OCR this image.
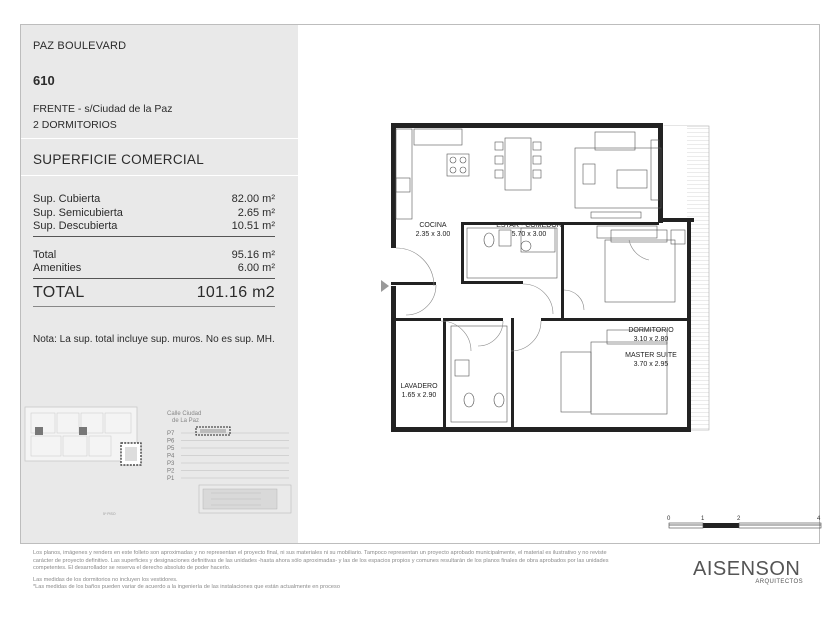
PAZ BOULEVARD
610
FRENTE - s/Ciudad de la Paz
2 DORMITORIOS
SUPERFICIE COMERCIAL
Sup. Cubierta	82.00 m²
Sup. Semicubierta	2.65 m²
Sup. Descubierta	10.51 m²
Total	95.16 m²
Amenities	6.00 m²
TOTAL	101.16 m2
Nota: La sup. total incluye sup. muros. No es sup. MH.
5º PISO
Calle Ciudad
de La Paz
P7
P6
P5
P4
P3
P2
P1
COCINA
2.35 x 3.00
ESTAR - COMEDOR
5.70 x 3.00
DORMITORIO
3.10 x 2.80
MASTER SUITE
3.70 x 2.95
LAVADERO
1.65 x 2.90
0	1	2	4
Los planos, imágenes y renders en este folleto son aproximadas y no representan el proyecto final, ni sus materiales ni su mobiliario. Tampoco representan un proyecto aprobado municipalmente, el material es ilustrativo y no reviste
carácter de proyecto definitivo. Las superficies y designaciones definitivas de las unidades -hasta ahora sólo aproximadas- y las de los espacios propios y comunes resultarán de los planos finales de obra aprobados por las unidades
competentes. El desarrollador se reserva el derecho absoluto de poder hacerlo.
Las medidas de los dormitorios no incluyen los vestidores.
*Las medidas de los baños pueden variar de acuerdo a la ingeniería de las instalaciones que están actualmente en proceso
AISENSON
ARQUITECTOS
